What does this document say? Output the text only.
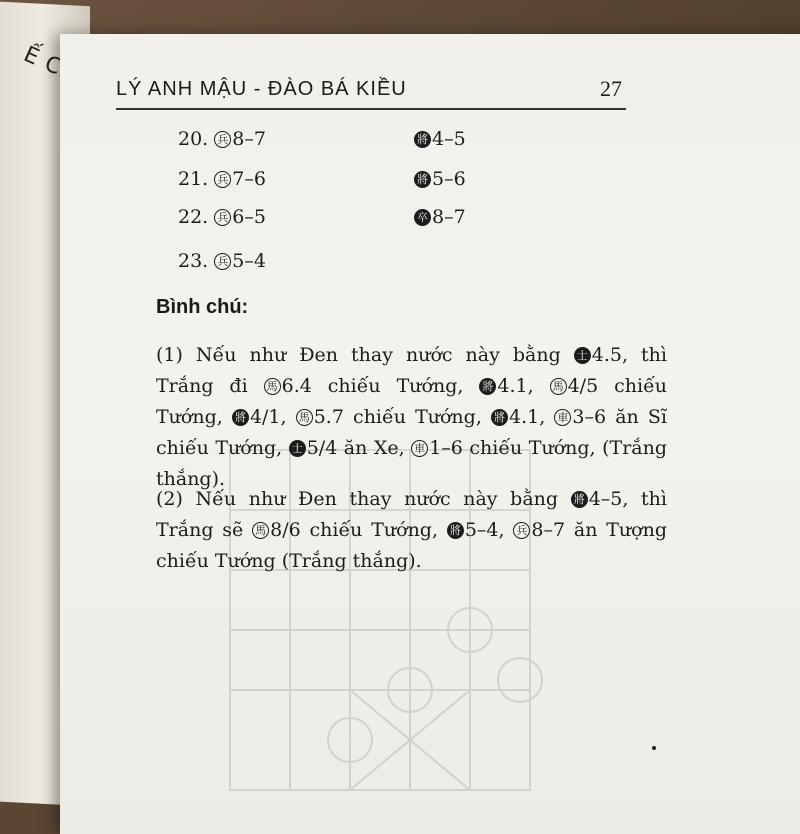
Ế
LÝ ANH MẬU - ĐÀO BÁ KIỀU	27
20. 兵 8–7	將 4–5
21. 兵 7–6	將 5–6
22. 兵 6–5	卒 8–7
23. 兵 5–4
Bình chú:

(1) Nếu như Đen thay nước này bằng 士 4.5, thì Trắng đi 馬 6.4 chiếu Tướng, 將 4.1, 馬 4/5 chiếu Tướng, 將 4/1, 馬 5.7 chiếu Tướng, 將 4.1, 車 3–6 ăn Sĩ chiếu Tướng, 士 5/4 ăn Xe, 車 1–6 chiếu Tướng, (Trắng thắng).

(2) Nếu như Đen thay nước này bằng 將 4–5, thì Trắng sẽ 馬 8/6 chiếu Tướng, 將 5–4, 兵 8–7 ăn Tượng chiếu Tướng (Trắng thắng).
